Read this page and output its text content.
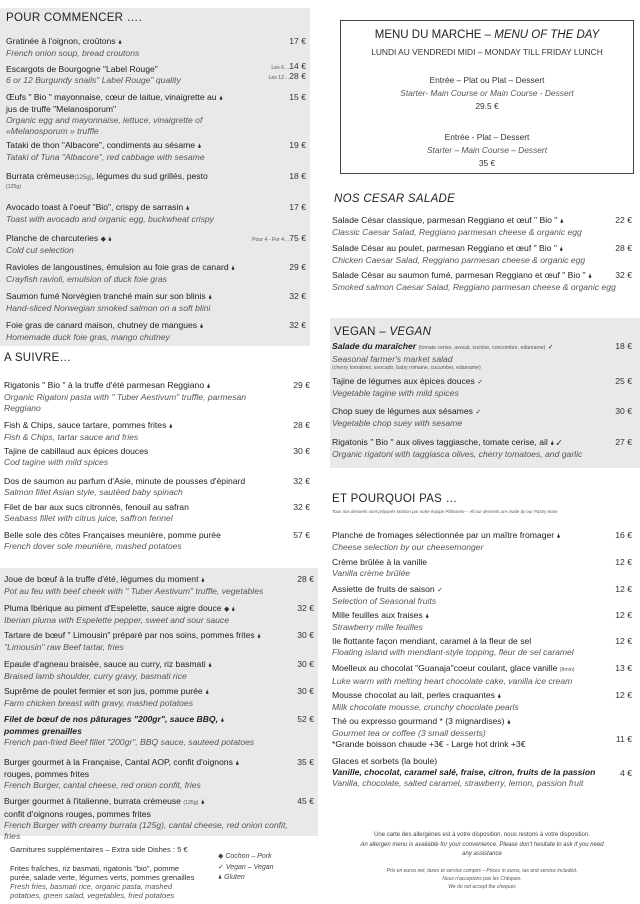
POUR COMMENCER ….
Gratinée à l'oignon, croûtons 🌢
French onion soup, bread croutons
17 €
Escargots de Bourgogne "Label Rouge"
6 or 12 Burgundy snails" Label Rouge" quality
Les 6…14 €
Les 12…28 €
Œufs " Bio " mayonnaise, cœur de laitue, vinaigrette au 🌢
jus de truffe "Melanosporum"
Organic egg and mayonnaise, lettuce, vinaigrette of
«Melanosporum » truffle
15 €
Tataki de thon "Albacore", condiments au sésame 🌢
Tataki of Tuna "Albacore", red cabbage with sesame
19 €
Burrata crémeuse(125g), légumes du sud grillés, pesto
(125g)
18 €
Avocado toast à l'oeuf "Bio", crispy de sarrasin 🌢
Toast with avocado and organic egg, buckwheat crispy
17 €
Planche de charcuteries ◆ 🌢
Cold cut selection
Pour 4 - For 4…75 €
Ravioles de langoustines, émulsion au foie gras de canard 🌢
Crayfish ravioli, emulsion of duck foie gras
29 €
Saumon fumé Norvégien tranché main sur son blinis 🌢
Hand-sliced Norwegian smoked salmon on a soft blini
32 €
Foie gras de canard maison, chutney de mangues 🌢
Homemade duck foie gras, mango chutney
32 €
A SUIVRE…
Rigatonis " Bio " à la truffe d'été parmesan Reggiano 🌢
Organic Rigatoni pasta with " Tuber Aestivum" truffle, parmesan
Reggiano
29 €
Fish & Chips, sauce tartare, pommes frites 🌢
Fish & Chips, tartar sauce and fries
28 €
Tajine de cabillaud aux épices douces
Cod tagine with mild spices
30 €
Dos de saumon au parfum d'Asie, minute de pousses d'épinard
Salmon fillet Asian style, sautéed baby spinach
32 €
Filet de bar aux sucs citronnés, fenouil au safran
Seabass fillet with citrus juice, saffron fennel
32 €
Belle sole des côtes Françaises meunière, pomme purée
French dover sole meunière, mashed potatoes
57 €
Joue de bœuf à la truffe d'été, légumes du moment 🌢
Pot au feu with beef cheek with " Tuber Aestivum" truffle, vegetables
28 €
Pluma Ibérique au piment d'Espelette, sauce aigre douce ◆ 🌢
Iberian pluma with Espelette pepper, sweet and sour sauce
32 €
Tartare de bœuf " Limousin" préparé par nos soins, pommes frites 🌢
"Limousin" raw Beef tartar, fries
30 €
Epaule d'agneau braisée, sauce au curry, riz basmati 🌢
Braised lamb shoulder, curry gravy, basmati rice
30 €
Suprême de poulet fermier et son jus, pomme purée 🌢
Farm chicken breast with gravy, mashed potatoes
30 €
Filet de bœuf de nos pâturages "200gr", sauce BBQ, 🌢
pommes grenailles
French pan-fried Beef fillet "200gr", BBQ sauce, sauteed potatoes
52 €
Burger gourmet à la Française, Cantal AOP, confit d'oignons 🌢
rouges, pommes frites
French Burger, cantal cheese, red onion confit, fries
35 €
Burger gourmet à l'italienne, burrata crémeuse (125g) 🌢
confit d'oignons rouges, pommes frites
French Burger with creamy burrata (125g), cantal cheese, red onion confit,
fries
45 €
Garnitures supplémentaires – Extra side Dishes : 5 €
Frites fraîches, riz basmati, rigatonis "bio", pomme
purée, salade verte, légumes verts, pommes grenailles
Fresh fries, basmati rice, organic pasta, mashed
potatoes, green salad, vegetables, fried potatoes
◆ Cochon – Pork
✓ Vegan – Vegan
🌢 Gluten
MENU DU MARCHE – MENU OF THE DAY
LUNDI AU VENDREDI MIDI – MONDAY TILL FRIDAY LUNCH
Entrée – Plat ou Plat – Dessert
Starter- Main Course or Main Course - Dessert
29.5 €
Entrée - Plat – Dessert
Starter – Main Course – Dessert
35 €
NOS CESAR SALADE
Salade César classique, parmesan Reggiano et œuf " Bio " 🌢
Classic Caesar Salad, Reggiano parmesan cheese & organic egg
22 €
Salade César au poulet, parmesan Reggiano et œuf " Bio " 🌢
Chicken Caesar Salad, Reggiano parmesan cheese & organic egg
28 €
Salade César au saumon fumé, parmesan Reggiano et œuf " Bio " 🌢
Smoked salmon Caesar Salad, Reggiano parmesan cheese & organic egg
32 €
VEGAN – VEGAN
Salade du maraîcher (tomate cerise, avocat, sucrine, concombre, edamame) ✓
Seasonal farmer's market salad
(cherry tomatoes, avocado, baby romaine, cucumber, edamame)
18 €
Tajine de légumes aux épices douces ✓
Vegetable tagine with mild spices
25 €
Chop suey de légumes aux sésames ✓
Vegetable chop suey with sesame
30 €
Rigatonis " Bio " aux olives taggiasche, tomate cerise, ail 🌢 ✓
Organic rigatoni with taggiasca olives, cherry tomatoes, and garlic
27 €
ET POURQUOI PAS …
Tous nos desserts sont préparés Maison par notre équipe Pâtisserie – All our desserts are made by our Pastry team
Planche de fromages sélectionnée par un maître fromager 🌢
Cheese selection by our cheesemonger
16 €
Crème brûlée à la vanille
Vanilla crème brûlée
12 €
Assiette de fruits de saison ✓
Selection of Seasonal fruits
12 €
Mille feuilles aux fraises 🌢
Strawberry mille feuilles
12 €
Ile flottante façon mendiant, caramel à la fleur de sel
Floating island with mendiant-style topping, fleur de sel caramel
12 €
Moelleux au chocolat "Guanaja"coeur coulant, glace vanille (8min)
Luke warm with melting heart chocolate cake, vanilla ice cream
13 €
Mousse chocolat au lait, perles craquantes 🌢
Milk chocolate mousse, crunchy chocolate pearls
12 €
Thé ou expresso gourmand * (3 mignardises) 🌢
Gourmet tea or coffee (3 small desserts)
*Grande boisson chaude +3€ - Large hot drink +3€	11 €
Glaces et sorbets (la boule)
Vanille, chocolat, caramel salé, fraise, citron, fruits de la passion
Vanilla, chocolate, salted caramel, strawberry, lemon, passion fruit
4 €
Une carte des allergènes est à votre disposition, nous restons à votre disposition.
An allergen menu is available for your convenience. Please don't hesitate to ask if you need
any assistance
Prix en euros net, taxes et service compris – Prices in euros, tax and service included.
Nous n'acceptons pas les Chèques.
We do not accept the cheques
